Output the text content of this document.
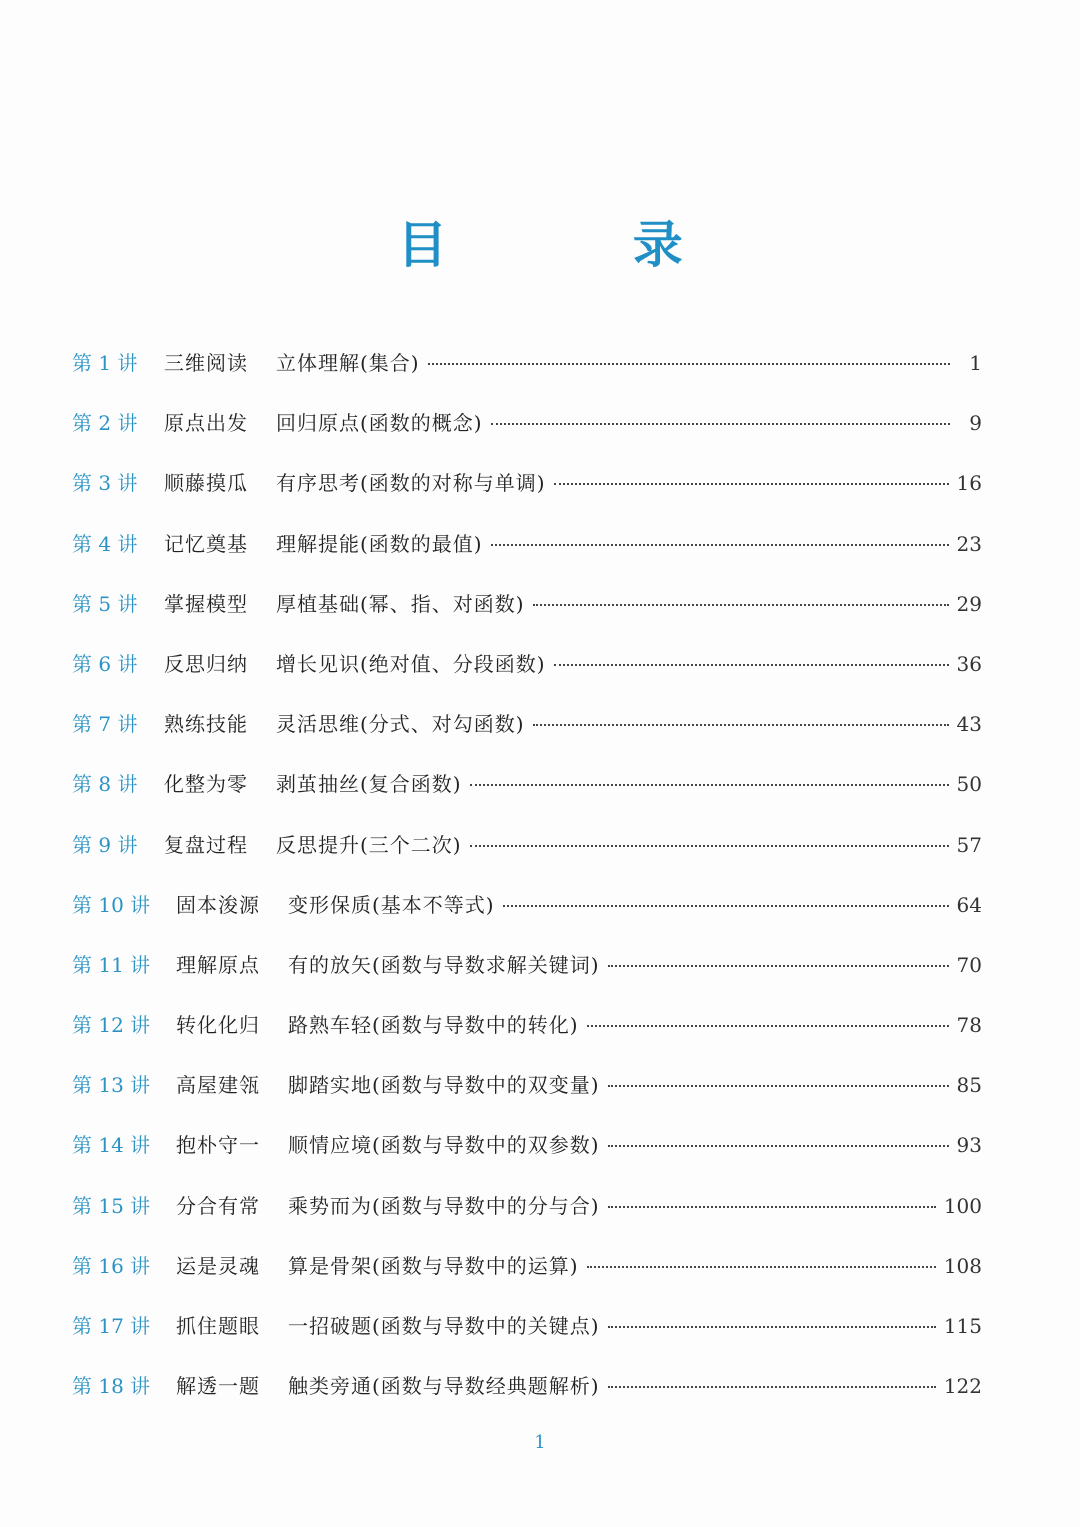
目 录
第 1 讲	三维阅读	立体理解(集合)	1
第 2 讲	原点出发	回归原点(函数的概念)	9
第 3 讲	顺藤摸瓜	有序思考(函数的对称与单调)	16
第 4 讲	记忆奠基	理解提能(函数的最值)	23
第 5 讲	掌握模型	厚植基础(幂、指、对函数)	29
第 6 讲	反思归纳	增长见识(绝对值、分段函数)	36
第 7 讲	熟练技能	灵活思维(分式、对勾函数)	43
第 8 讲	化整为零	剥茧抽丝(复合函数)	50
第 9 讲	复盘过程	反思提升(三个二次)	57
第 10 讲	固本浚源	变形保质(基本不等式)	64
第 11 讲	理解原点	有的放矢(函数与导数求解关键词)	70
第 12 讲	转化化归	路熟车轻(函数与导数中的转化)	78
第 13 讲	高屋建瓴	脚踏实地(函数与导数中的双变量)	85
第 14 讲	抱朴守一	顺情应境(函数与导数中的双参数)	93
第 15 讲	分合有常	乘势而为(函数与导数中的分与合)	100
第 16 讲	运是灵魂	算是骨架(函数与导数中的运算)	108
第 17 讲	抓住题眼	一招破题(函数与导数中的关键点)	115
第 18 讲	解透一题	触类旁通(函数与导数经典题解析)	122
1
